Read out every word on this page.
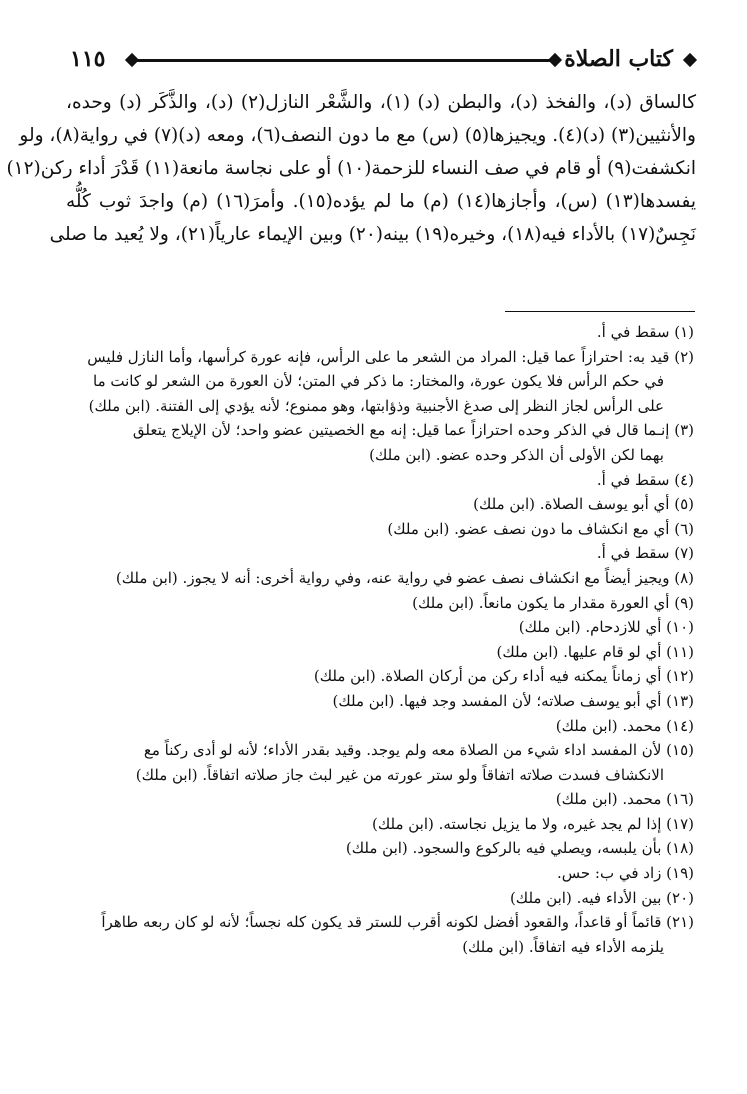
١١٥	كتاب الصلاة
كالساق (د)، والفخذ (د)، والبطن (د) (١)، والشَّعْر النازل(٢) (د)، والذَّكَر (د) وحده،
والأنثيين(٣) (د)(٤). ويجيزها(٥) (س) مع ما دون النصف(٦)، ومعه (د)(٧) في رواية(٨)، ولو
انكشفت(٩) أو قام في صف النساء للزحمة(١٠) أو على نجاسة مانعة(١١) قَدْرَ أداء ركن(١٢)
يفسدها(١٣) (س)، وأجازها(١٤) (م) ما لم يؤده(١٥). وأمرَ(١٦) (م) واجدَ ثوب كُلُّه
نَجِسٌ(١٧) بالأداء فيه(١٨)، وخيره(١٩) بينه(٢٠) وبين الإيماء عارياً(٢١)، ولا يُعيد ما صلى
(١) سقط في أ.
(٢) قيد به: احترازاً عما قيل: المراد من الشعر ما على الرأس، فإنه عورة كرأسها، وأما النازل فليس
في حكم الرأس فلا يكون عورة، والمختار: ما ذكر في المتن؛ لأن العورة من الشعر لو كانت ما
على الرأس لجاز النظر إلى صدغ الأجنبية وذؤابتها، وهو ممنوع؛ لأنه يؤدي إلى الفتنة. (ابن ملك)
(٣) إنـما قال في الذكر وحده احترازاً عما قيل: إنه مع الخصيتين عضو واحد؛ لأن الإيلاج يتعلق
بهما لكن الأولى أن الذكر وحده عضو. (ابن ملك)
(٤) سقط في أ.
(٥) أي أبو يوسف الصلاة. (ابن ملك)
(٦) أي مع انكشاف ما دون نصف عضو. (ابن ملك)
(٧) سقط في أ.
(٨) ويجيز أيضاً مع انكشاف نصف عضو في رواية عنه، وفي رواية أخرى: أنه لا يجوز. (ابن ملك)
(٩) أي العورة مقدار ما يكون مانعاً. (ابن ملك)
(١٠) أي للازدحام. (ابن ملك)
(١١) أي لو قام عليها. (ابن ملك)
(١٢) أي زماناً يمكنه فيه أداء ركن من أركان الصلاة. (ابن ملك)
(١٣) أي أبو يوسف صلاته؛ لأن المفسد وجد فيها. (ابن ملك)
(١٤) محمد. (ابن ملك)
(١٥) لأن المفسد اداء شيء من الصلاة معه ولم يوجد. وقيد بقدر الأداء؛ لأنه لو أدى ركناً مع
الانكشاف فسدت صلاته اتفاقاً ولو ستر عورته من غير لبث جاز صلاته اتفاقاً. (ابن ملك)
(١٦) محمد. (ابن ملك)
(١٧) إذا لم يجد غيره، ولا ما يزيل نجاسته. (ابن ملك)
(١٨) بأن يلبسه، ويصلي فيه بالركوع والسجود. (ابن ملك)
(١٩) زاد في ب: حس.
(٢٠) بين الأداء فيه. (ابن ملك)
(٢١) قائماً أو قاعداً، والقعود أفضل لكونه أقرب للستر قد يكون كله نجساً؛ لأنه لو كان ربعه طاهراً
يلزمه الأداء فيه اتفاقاً. (ابن ملك)
